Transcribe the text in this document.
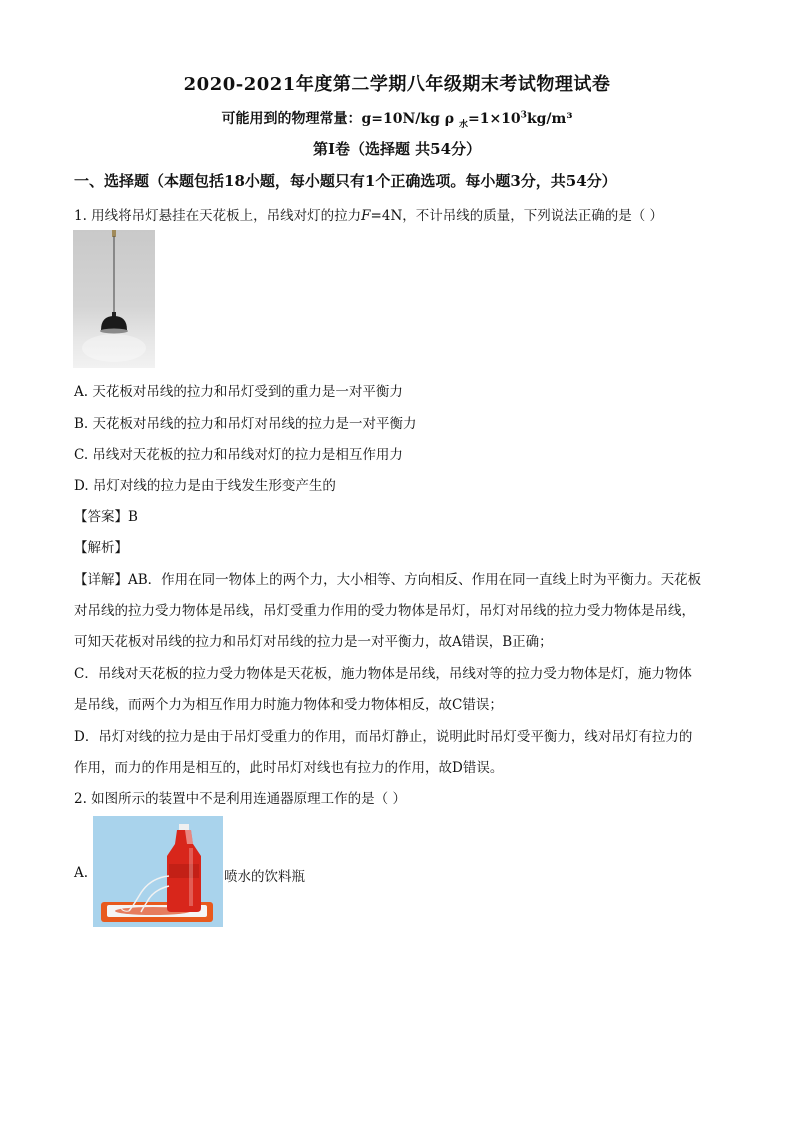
2020-2021年度第二学期八年级期末考试物理试卷
可能用到的物理常量：g=10N/kg ρ $_水=1\times 10^3kg/m^3$
第Ⅰ卷（选择题 共54分）
一、选择题（本题包括18小题，每小题只有1个正确选项。每小题3分，共54分）
1. 用线将吊灯悬挂在天花板上，吊线对灯的拉力F=4N，不计吊线的质量，下列说法正确的是（ ）
A. 天花板对吊线的拉力和吊灯受到的重力是一对平衡力
B. 天花板对吊线的拉力和吊灯对吊线的拉力是一对平衡力
C. 吊线对天花板的拉力和吊线对灯的拉力是相互作用力
D. 吊灯对线的拉力是由于线发生形变产生的
【答案】B
【解析】
【详解】AB．作用在同一物体上的两个力，大小相等、方向相反、作用在同一直线上时为平衡力。天花板
对吊线的拉力受力物体是吊线，吊灯受重力作用的受力物体是吊灯，吊灯对吊线的拉力受力物体是吊线，
可知天花板对吊线的拉力和吊灯对吊线的拉力是一对平衡力，故A错误，B正确；
C．吊线对天花板的拉力受力物体是天花板，施力物体是吊线，吊线对等的拉力受力物体是灯，施力物体
是吊线，而两个力为相互作用力时施力物体和受力物体相反，故C错误；
D．吊灯对线的拉力是由于吊灯受重力的作用，而吊灯静止，说明此时吊灯受平衡力，线对吊灯有拉力的
作用，而力的作用是相互的，此时吊灯对线也有拉力的作用，故D错误。
2. 如图所示的装置中不是利用连通器原理工作的是（ ）
A.	喷水的饮料瓶
